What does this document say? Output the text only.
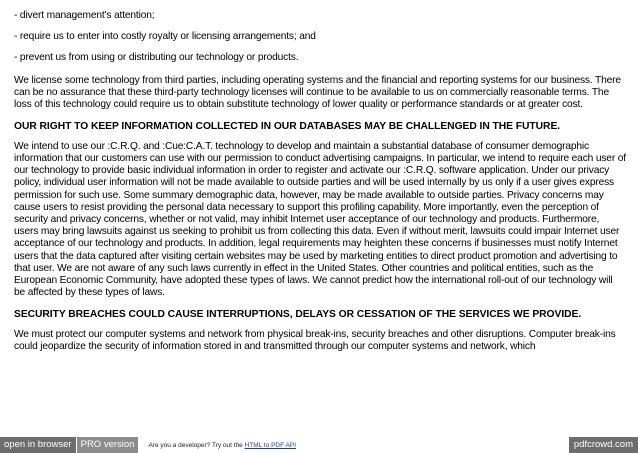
- divert management's attention;

- require us to enter into costly royalty or licensing arrangements; and

- prevent us from using or distributing our technology or products.

We license some technology from third parties, including operating systems and the financial and reporting systems for our business. There can be no assurance that these third-party technology licenses will continue to be available to us on commercially reasonable terms. The loss of this technology could require us to obtain substitute technology of lower quality or performance standards or at greater cost.

OUR RIGHT TO KEEP INFORMATION COLLECTED IN OUR DATABASES MAY BE CHALLENGED IN THE FUTURE.

We intend to use our :C.R.Q. and :Cue:C.A.T. technology to develop and maintain a substantial database of consumer demographic information that our customers can use with our permission to conduct advertising campaigns. In particular, we intend to require each user of our technology to provide basic individual information in order to register and activate our :C.R.Q. software application. Under our privacy policy, individual user information will not be made available to outside parties and will be used internally by us only if a user gives express permission for such use. Some summary demographic data, however, may be made available to outside parties. Privacy concerns may cause users to resist providing the personal data necessary to support this profiling capability. More importantly, even the perception of security and privacy concerns, whether or not valid, may inhibit Internet user acceptance of our technology and products. Furthermore, users may bring lawsuits against us seeking to prohibit us from collecting this data. Even if without merit, lawsuits could impair Internet user acceptance of our technology and products. In addition, legal requirements may heighten these concerns if businesses must notify Internet users that the data captured after visiting certain websites may be used by marketing entities to direct product promotion and advertising to that user. We are not aware of any such laws currently in effect in the United States. Other countries and political entities, such as the European Economic Community, have adopted these types of laws. We cannot predict how the international roll-out of our technology will be affected by these types of laws.

SECURITY BREACHES COULD CAUSE INTERRUPTIONS, DELAYS OR CESSATION OF THE SERVICES WE PROVIDE.

We must protect our computer systems and network from physical break-ins, security breaches and other disruptions. Computer break-ins could jeopardize the security of information stored in and transmitted through our computer systems and network, which

open in browser PRO version	Are you a developer? Try out the HTML to PDF API	pdfcrowd.com
